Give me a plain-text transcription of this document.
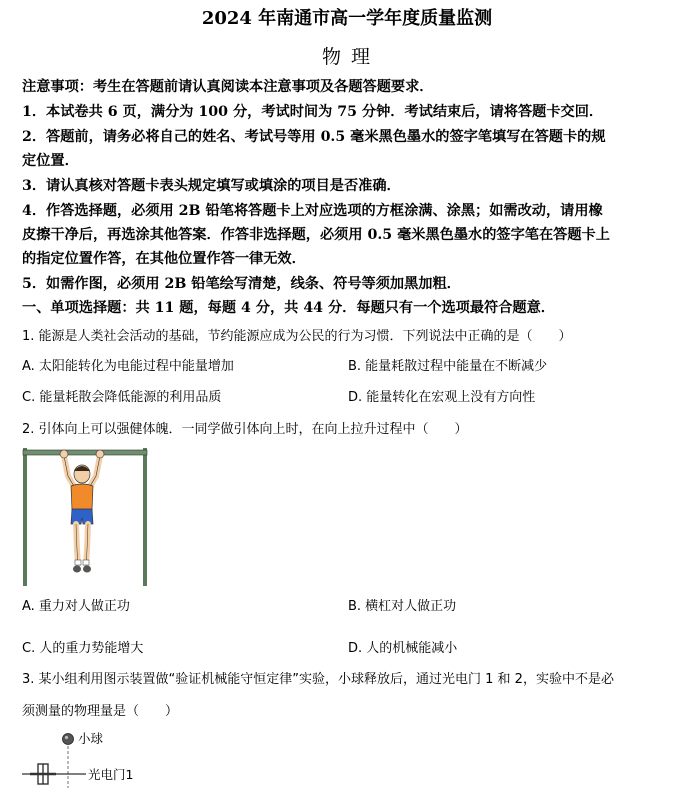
2024 年南通市高一学年度质量监测
物 理
注意事项：考生在答题前请认真阅读本注意事项及各题答题要求．
1．本试卷共 6 页，满分为 100 分，考试时间为 75 分钟．考试结束后，请将答题卡交回．
2．答题前，请务必将自己的姓名、考试号等用 0.5 毫米黑色墨水的签字笔填写在答题卡的规
定位置．
3．请认真核对答题卡表头规定填写或填涂的项目是否准确．
4．作答选择题，必须用 2B 铅笔将答题卡上对应选项的方框涂满、涂黑；如需改动，请用橡
皮擦干净后，再选涂其他答案．作答非选择题，必须用 0.5 毫米黑色墨水的签字笔在答题卡上
的指定位置作答，在其他位置作答一律无效．
5．如需作图，必须用 2B 铅笔绘写清楚，线条、符号等须加黑加粗．
一、单项选择题：共 11 题，每题 4 分，共 44 分．每题只有一个选项最符合题意．
1. 能源是人类社会活动的基础，节约能源应成为公民的行为习惯．下列说法中正确的是（　　）
A. 太阳能转化为电能过程中能量增加	B. 能量耗散过程中能量在不断减少
C. 能量耗散会降低能源的利用品质	D. 能量转化在宏观上没有方向性
2. 引体向上可以强健体魄．一同学做引体向上时，在向上拉升过程中（　　）
A. 重力对人做正功	B. 横杠对人做正功
C. 人的重力势能增大	D. 人的机械能减小
3. 某小组利用图示装置做“验证机械能守恒定律”实验，小球释放后，通过光电门 1 和 2，实验中不是必
须测量的物理量是（　　）
小球
光电门1
